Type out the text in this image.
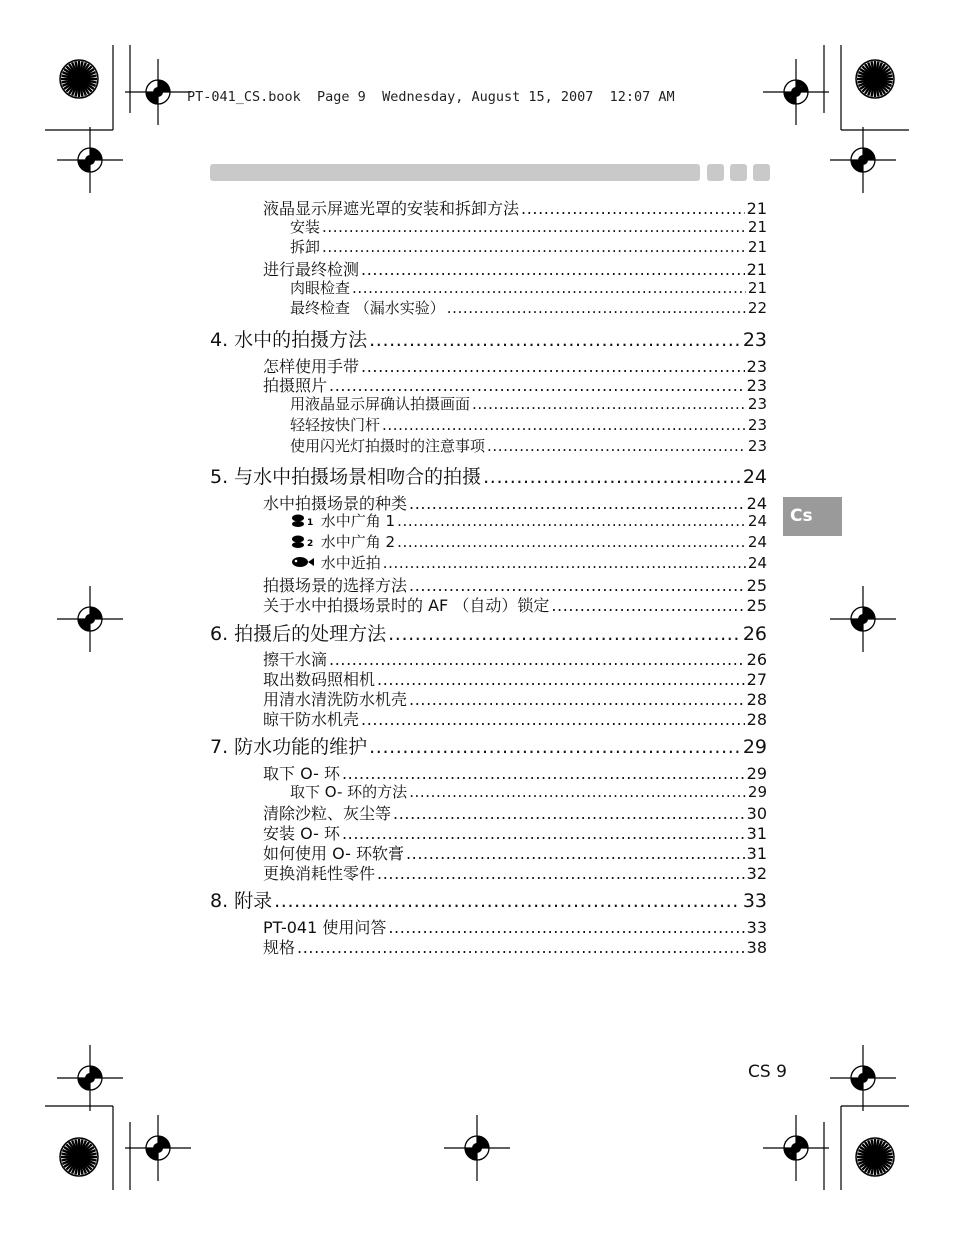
PT-041_CS.book  Page 9  Wednesday, August 15, 2007  12:07 AM
液晶显示屏遮光罩的安装和拆卸方法 .....	21
安装 .....	21
拆卸 .....	21
进行最终检测 .....	21
肉眼检查 .....	21
最终检查 （漏水实验） .....	22
4. 水中的拍摄方法 .....	23
怎样使用手带 .....	23
拍摄照片 .....	23
用液晶显示屏确认拍摄画面 .....	23
轻轻按快门杆 .....	23
使用闪光灯拍摄时的注意事项 .....	23
5. 与水中拍摄场景相吻合的拍摄 .....	24
水中拍摄场景的种类 .....	24
1 水中广角 1 .....	24
2 水中广角 2 .....	24
水中近拍 .....	24
拍摄场景的选择方法 .....	25
关于水中拍摄场景时的 AF （自动）锁定 .....	25
6. 拍摄后的处理方法 .....	26
擦干水滴 .....	26
取出数码照相机 .....	27
用清水清洗防水机壳 .....	28
晾干防水机壳 .....	28
7. 防水功能的维护 .....	29
取下 O- 环 .....	29
取下 O- 环的方法 .....	29
清除沙粒、灰尘等 .....	30
安装 O- 环 .....	31
如何使用 O- 环软膏 .....	31
更换消耗性零件 .....	32
8. 附录 .....	33
PT-041 使用问答 .....	33
规格 .....	38
Cs
CS 9
